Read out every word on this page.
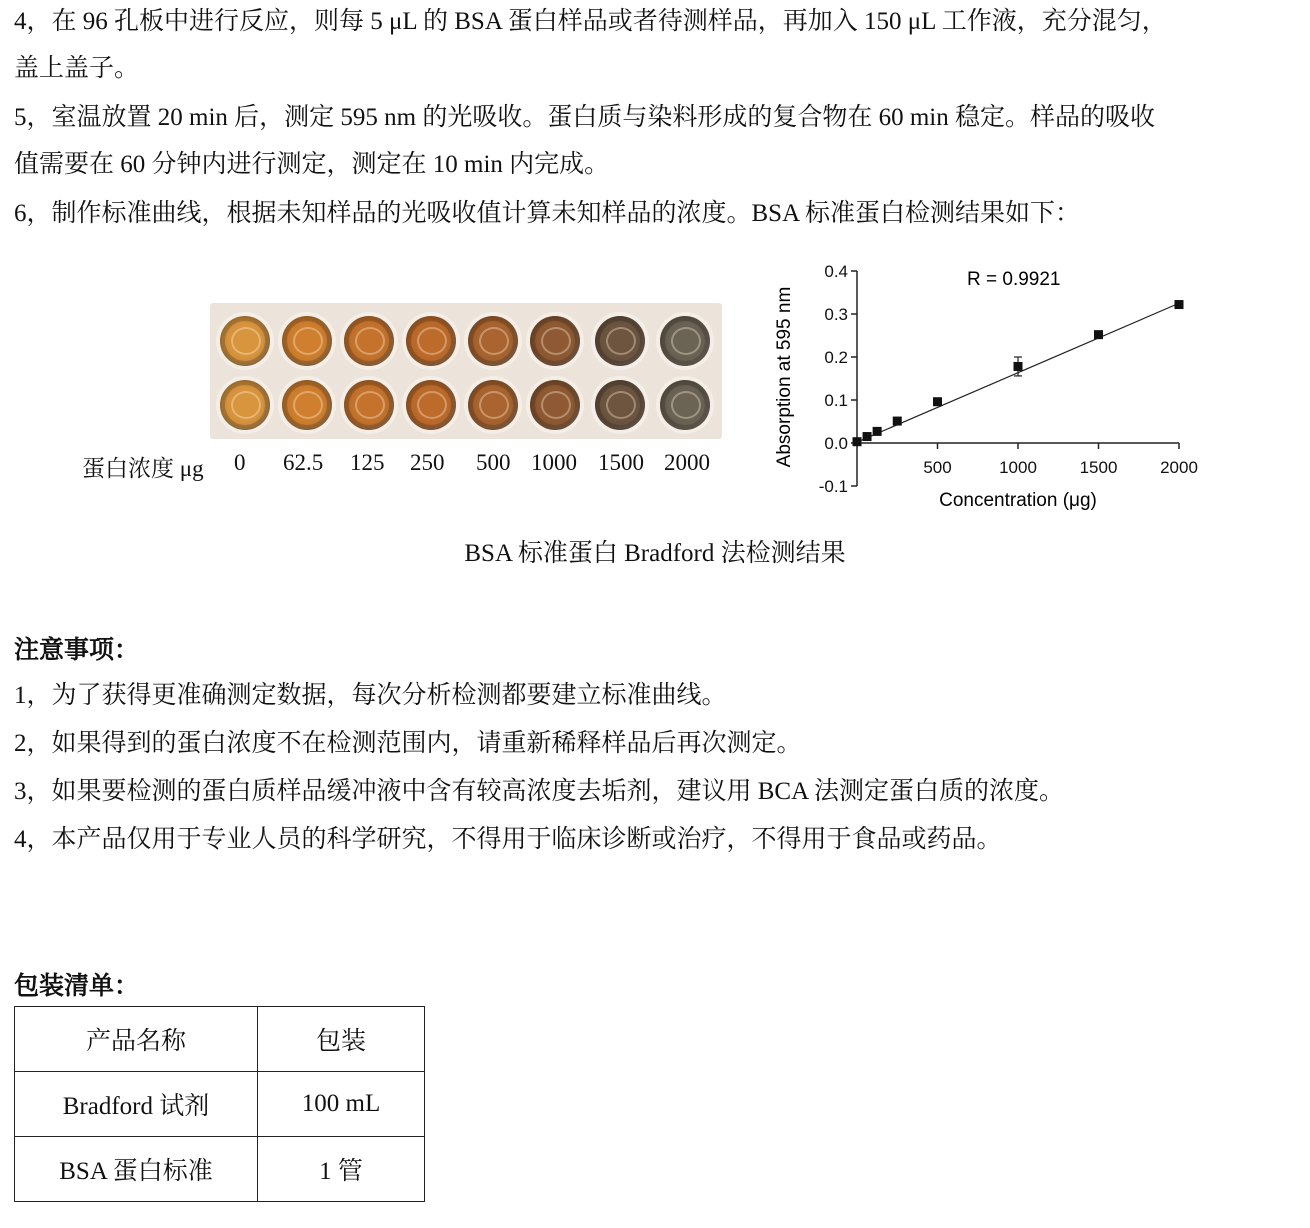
4，在 96 孔板中进行反应，则每 5 μL 的 BSA 蛋白样品或者待测样品，再加入 150 μL 工作液，充分混匀，
盖上盖子。

5，室温放置 20 min 后，测定 595 nm 的光吸收。蛋白质与染料形成的复合物在 60 min 稳定。样品的吸收
值需要在 60 分钟内进行测定，测定在 10 min 内完成。

6，制作标准曲线，根据未知样品的光吸收值计算未知样品的浓度。BSA 标准蛋白检测结果如下：

蛋白浓度 μg 0 62.5 125 250 500 1000 1500 2000
-0.1
0.0
0.1
0.2
0.3
0.4
500	1000	1500	2000
Absorption at 595 nm
Concentration (μg)
R = 0.9921
BSA 标准蛋白 Bradford 法检测结果
注意事项：

1，为了获得更准确测定数据，每次分析检测都要建立标准曲线。

2，如果得到的蛋白浓度不在检测范围内，请重新稀释样品后再次测定。

3，如果要检测的蛋白质样品缓冲液中含有较高浓度去垢剂，建议用 BCA 法测定蛋白质的浓度。

4，本产品仅用于专业人员的科学研究，不得用于临床诊断或治疗，不得用于食品或药品。

包装清单：
产品名称	包装
Bradford 试剂	100 mL
BSA 蛋白标准	1 管
